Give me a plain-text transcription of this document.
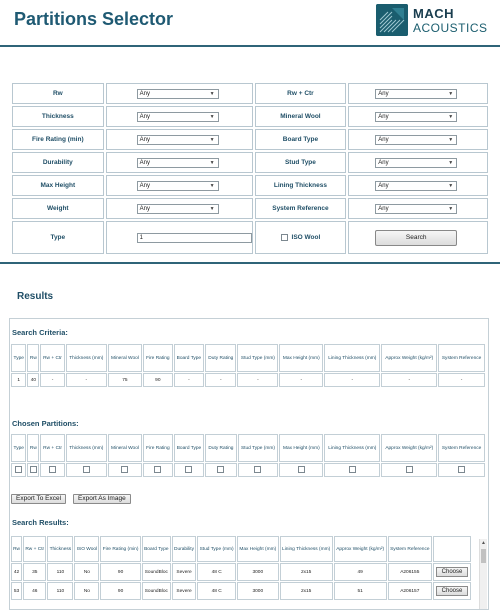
Partitions Selector	MACH
ACOUSTICS
Rw	Any ▼	Rw + Ctr	Any ▼

Thickness	Any ▼	Mineral Wool	Any ▼

Fire Rating (min)	Any ▼	Board Type	Any ▼

Durability	Any ▼	Stud Type	Any ▼

Max Height	Any ▼	Lining Thickness	Any ▼

Weight	Any ▼	System Reference	Any ▼

Type	1	ISO Wool	Search
Results
Search Criteria:
Type	Rw	Rw + Ctr	Thickness (mm)	Mineral Wool	Fire Rating	Board Type	Duty Rating	Stud Type (mm)	Max Height (mm)	Lining Thickness (mm)	Approx Weight (kg/m²)	System Reference
1	40	-	-	75	90	-	-	-	-	-	-	-
Chosen Partitions:
Type	Rw	Rw + Ctr	Thickness (mm)	Mineral Wool	Fire Rating	Board Type	Duty Rating	Stud Type (mm)	Max Height (mm)	Lining Thickness (mm)	Approx Weight (kg/m²)	System Reference

Export To Excel	Export As Image
Search Results:
Rw	Rw + Ctr	Thickness	ISO Wool	Fire Rating (min)	Board Type	Durability	Stud Type (mm)	Max Height (mm)	Lining Thickness (mm)	Approx Weight (kg/m²)	System Reference	
42	35	110	No	90	SoundBloc	Severe	48 C	3000	2x15	49	A206155	Choose

53	46	110	No	90	SoundBloc	Severe	48 C	3000	2x15	51	A206157	Choose
▲
